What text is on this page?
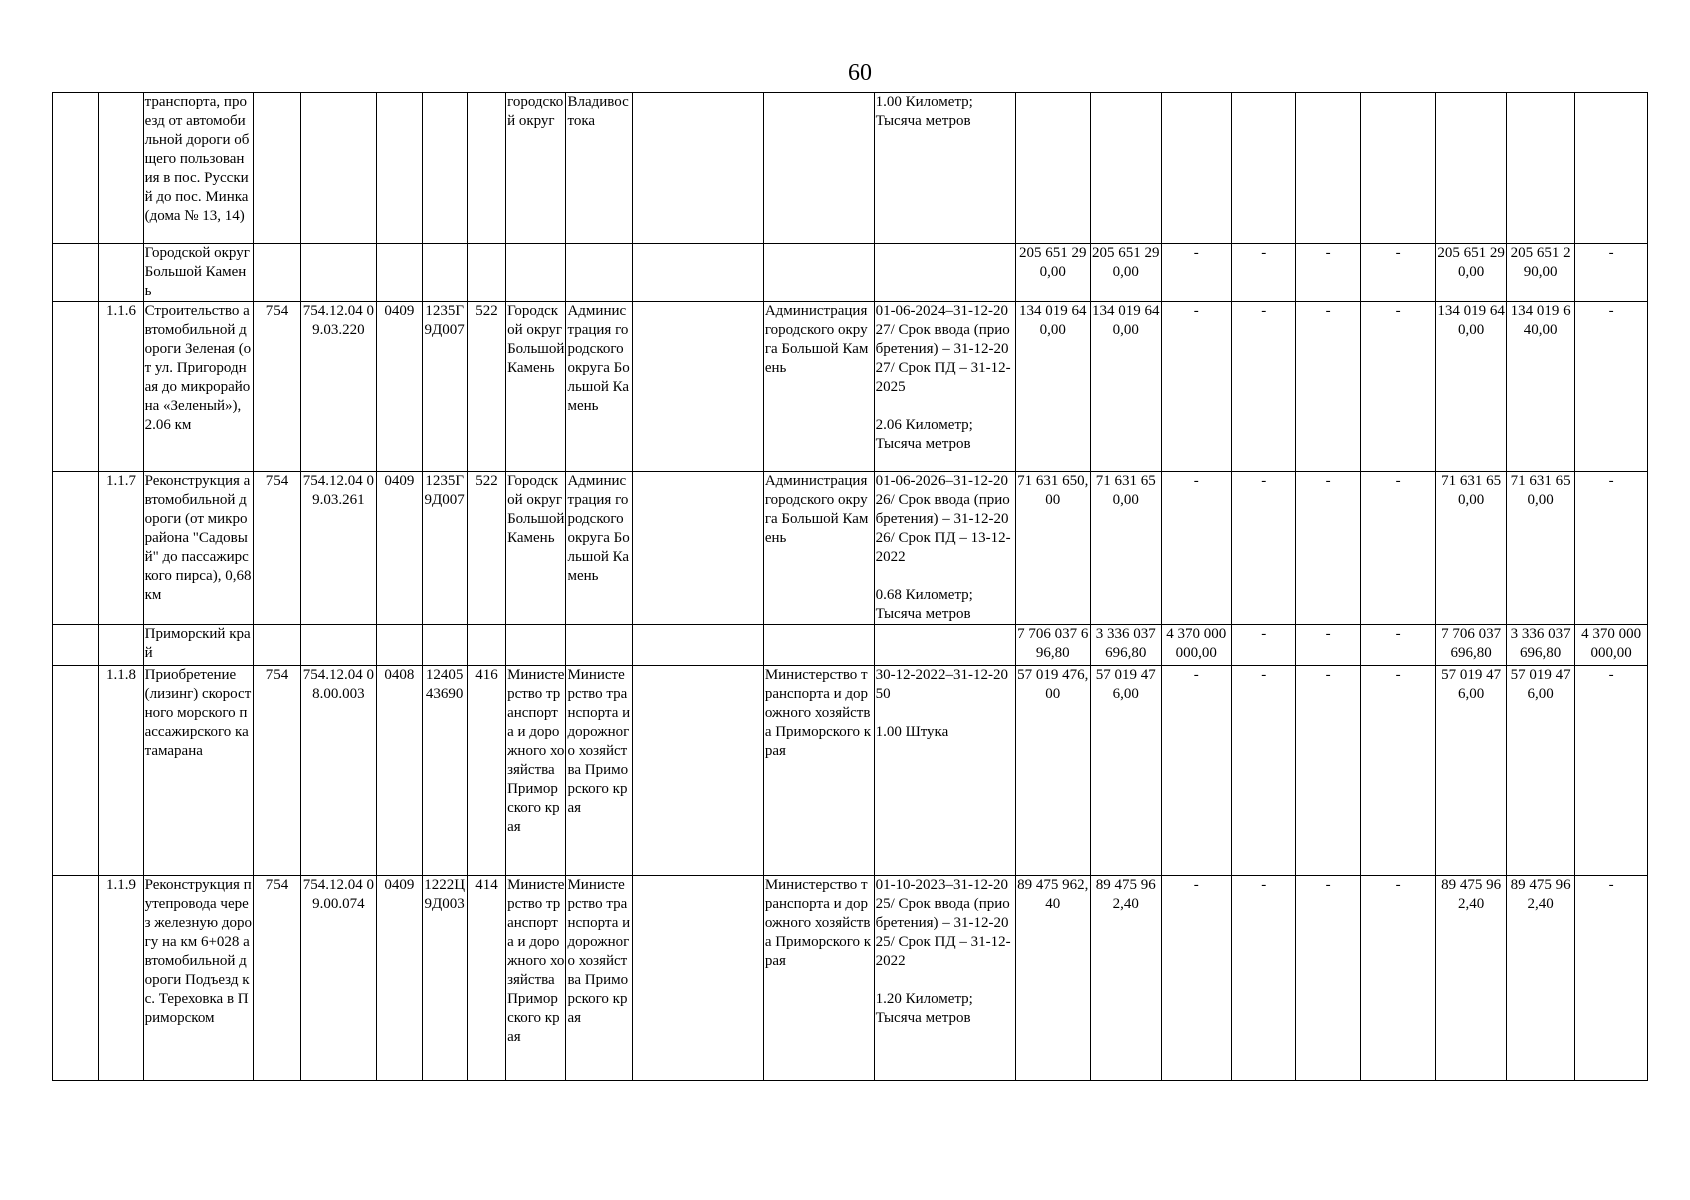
60
		транспорта, проезд от автомобильной дороги общего пользования в пос. Русский до пос. Минка (дома № 13, 14)						городской округ	Владивостока			1.00 Километр;
Тысяча метров									
		Городской округ Большой Камень											205 651 290,00	205 651 290,00	-	-	-	-	205 651 290,00	205 651 290,00	-
	1.1.6	Строительство автомобильной дороги Зеленая (от ул. Пригородная до микрорайона «Зеленый»), 2.06 км	754	754.12.04 09.03.220	0409	1235Г9Д007	522	Городской округ Большой Камень	Администрация городского округа Большой Камень		Администрация городского округа Большой Камень	01-06-2024–31-12-2027/ Срок ввода (приобретения) – 31-12-2027/ Срок ПД – 31-12-2025

2.06 Километр;
Тысяча метров	134 019 640,00	134 019 640,00	-	-	-	-	134 019 640,00	134 019 640,00	-
	1.1.7	Реконструкция автомобильной дороги (от микрорайона "Садовый" до пассажирского пирса), 0,68 км	754	754.12.04 09.03.261	0409	1235Г9Д007	522	Городской округ Большой Камень	Администрация городского округа Большой Камень		Администрация городского округа Большой Камень	01-06-2026–31-12-2026/ Срок ввода (приобретения) – 31-12-2026/ Срок ПД – 13-12-2022

0.68 Километр;
Тысяча метров	71 631 650,00	71 631 650,00	-	-	-	-	71 631 650,00	71 631 650,00	-
		Приморский край											7 706 037 696,80	3 336 037 696,80	4 370 000 000,00	-	-	-	7 706 037 696,80	3 336 037 696,80	4 370 000 000,00
	1.1.8	Приобретение (лизинг) скоростного морского пассажирского катамарана	754	754.12.04 08.00.003	0408	1240543690	416	Министерство транспорта и дорожного хозяйства Приморского края	Министерство транспорта и дорожного хозяйства Приморского края		Министерство транспорта и дорожного хозяйства Приморского края	30-12-2022–31-12-2050

1.00 Штука	57 019 476,00	57 019 476,00	-	-	-	-	57 019 476,00	57 019 476,00	-
	1.1.9	Реконструкция путепровода через железную дорогу на км 6+028 автомобильной дороги Подъезд к с. Тереховка в Приморском	754	754.12.04 09.00.074	0409	1222Ц9Д003	414	Министерство транспорта и дорожного хозяйства Приморского края	Министерство транспорта и дорожного хозяйства Приморского края		Министерство транспорта и дорожного хозяйства Приморского края	01-10-2023–31-12-2025/ Срок ввода (приобретения) – 31-12-2025/ Срок ПД – 31-12-2022

1.20 Километр;
Тысяча метров	89 475 962,40	89 475 962,40	-	-	-	-	89 475 962,40	89 475 962,40	-
